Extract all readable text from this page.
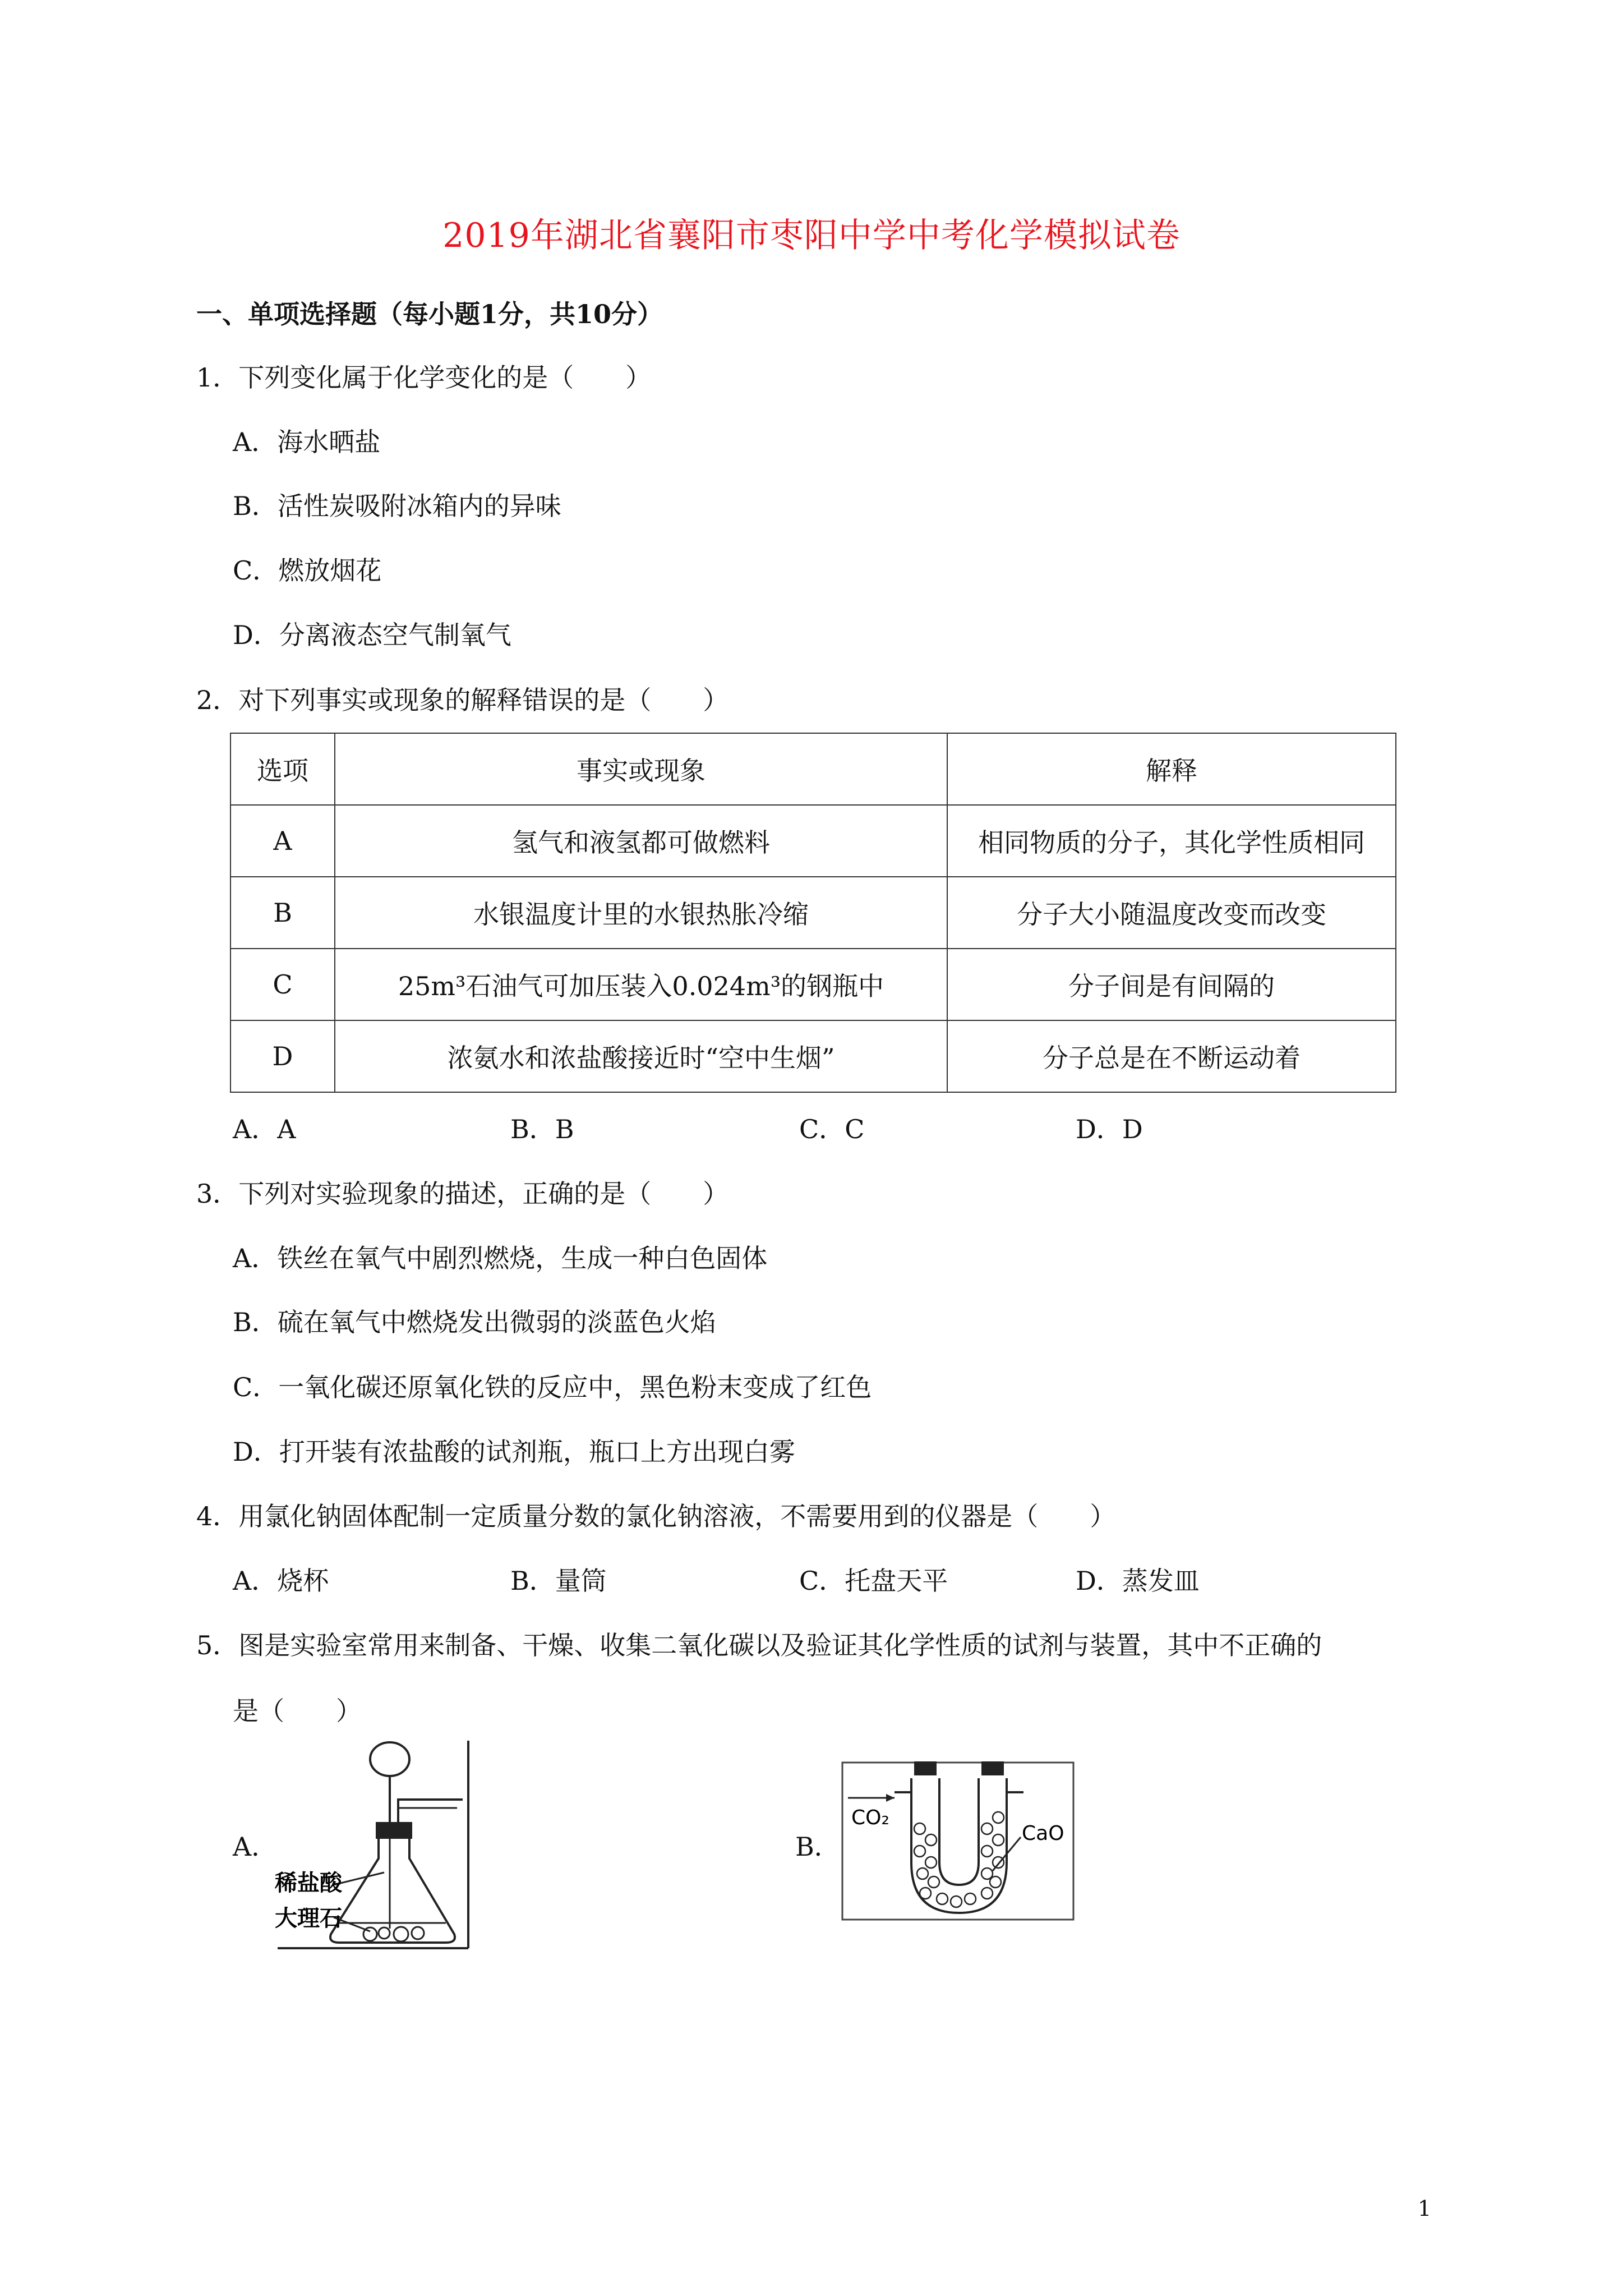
2019年湖北省襄阳市枣阳中学中考化学模拟试卷
一、单项选择题（每小题1分，共10分）
1．下列变化属于化学变化的是（　　）
A．海水晒盐
B．活性炭吸附冰箱内的异味
C．燃放烟花
D．分离液态空气制氧气
2．对下列事实或现象的解释错误的是（　　）
选项	事实或现象	解释
A	氢气和液氢都可做燃料	相同物质的分子，其化学性质相同
B	水银温度计里的水银热胀冷缩	分子大小随温度改变而改变
C	25m³石油气可加压装入0.024m³的钢瓶中	分子间是有间隔的
D	浓氨水和浓盐酸接近时“空中生烟”	分子总是在不断运动着
A．A	B．B	C．C	D．D
3．下列对实验现象的描述，正确的是（　　）
A．铁丝在氧气中剧烈燃烧，生成一种白色固体
B．硫在氧气中燃烧发出微弱的淡蓝色火焰
C．一氧化碳还原氧化铁的反应中，黑色粉末变成了红色
D．打开装有浓盐酸的试剂瓶，瓶口上方出现白雾
4．用氯化钠固体配制一定质量分数的氯化钠溶液，不需要用到的仪器是（　　）
A．烧杯	B．量筒	C．托盘天平	D．蒸发皿
5．图是实验室常用来制备、干燥、收集二氧化碳以及验证其化学性质的试剂与装置，其中不正确的
是（　　）
A．	B．
稀盐酸
大理石
CO₂
CaO
1
